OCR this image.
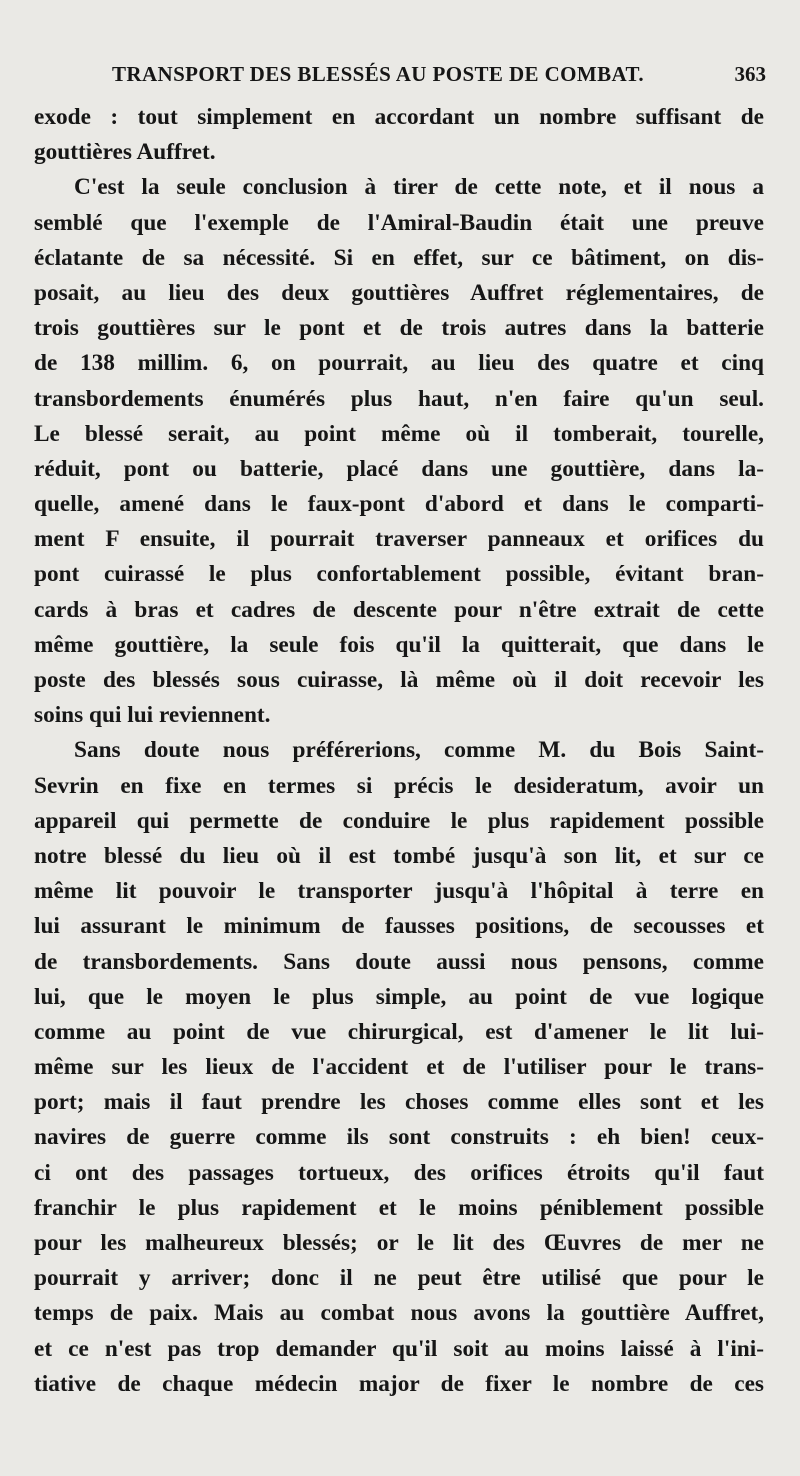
TRANSPORT DES BLESSÉS AU POSTE DE COMBAT.	363
exode : tout simplement en accordant un nombre suffisant de
gouttières Auffret.
C'est la seule conclusion à tirer de cette note, et il nous a
semblé que l'exemple de l'Amiral-Baudin était une preuve
éclatante de sa nécessité. Si en effet, sur ce bâtiment, on dis-
posait, au lieu des deux gouttières Auffret réglementaires, de
trois gouttières sur le pont et de trois autres dans la batterie
de 138 millim. 6, on pourrait, au lieu des quatre et cinq
transbordements énumérés plus haut, n'en faire qu'un seul.
Le blessé serait, au point même où il tomberait, tourelle,
réduit, pont ou batterie, placé dans une gouttière, dans la-
quelle, amené dans le faux-pont d'abord et dans le comparti-
ment F ensuite, il pourrait traverser panneaux et orifices du
pont cuirassé le plus confortablement possible, évitant bran-
cards à bras et cadres de descente pour n'être extrait de cette
même gouttière, la seule fois qu'il la quitterait, que dans le
poste des blessés sous cuirasse, là même où il doit recevoir les
soins qui lui reviennent.
Sans doute nous préférerions, comme M. du Bois Saint-
Sevrin en fixe en termes si précis le desideratum, avoir un
appareil qui permette de conduire le plus rapidement possible
notre blessé du lieu où il est tombé jusqu'à son lit, et sur ce
même lit pouvoir le transporter jusqu'à l'hôpital à terre en
lui assurant le minimum de fausses positions, de secousses et
de transbordements. Sans doute aussi nous pensons, comme
lui, que le moyen le plus simple, au point de vue logique
comme au point de vue chirurgical, est d'amener le lit lui-
même sur les lieux de l'accident et de l'utiliser pour le trans-
port; mais il faut prendre les choses comme elles sont et les
navires de guerre comme ils sont construits : eh bien! ceux-
ci ont des passages tortueux, des orifices étroits qu'il faut
franchir le plus rapidement et le moins péniblement possible
pour les malheureux blessés; or le lit des Œuvres de mer ne
pourrait y arriver; donc il ne peut être utilisé que pour le
temps de paix. Mais au combat nous avons la gouttière Auffret,
et ce n'est pas trop demander qu'il soit au moins laissé à l'ini-
tiative de chaque médecin major de fixer le nombre de ces
